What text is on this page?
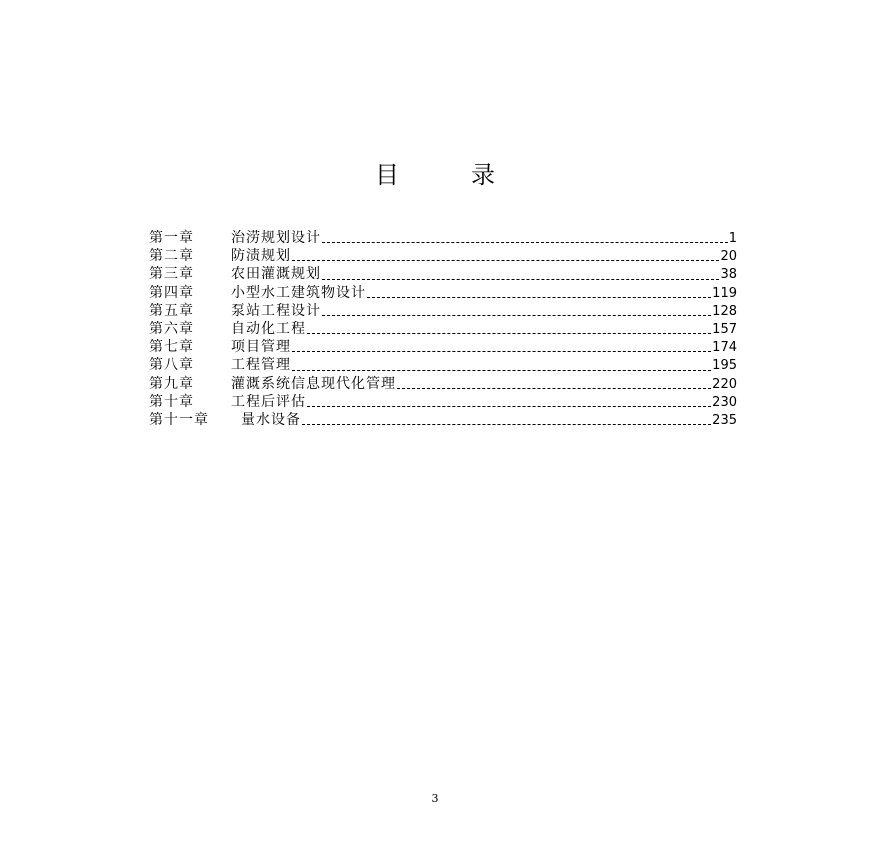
目	录
第一章	治涝规划设计	1
第二章	防渍规划	20
第三章	农田灌溉规划	38
第四章	小型水工建筑物设计	119
第五章	泵站工程设计	128
第六章	自动化工程	157
第七章	项目管理	174
第八章	工程管理	195
第九章	灌溉系统信息现代化管理	220
第十章	工程后评估	230
第十一章	量水设备	235
3
